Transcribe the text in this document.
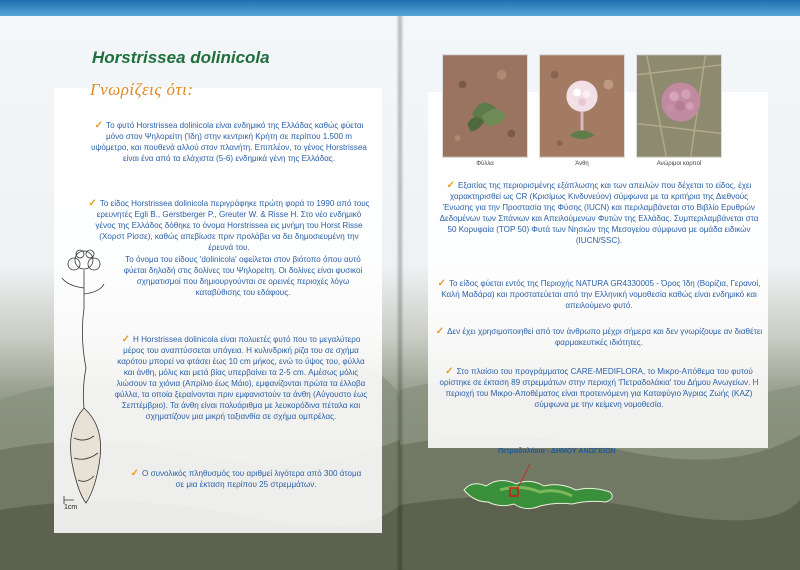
Horstrissea dolinicola
Γνωρίζεις ότι:
✓ Το φυτό Horstrissea dolinicola είναι ενδημικό της Ελλάδας καθώς φύεται μόνο στον Ψηλορείτη (Ίδη) στην κεντρική Κρήτη σε περίπου 1.500 m υψόμετρο, και πουθενά αλλού στον πλανήτη. Επιπλέον, το γένος Horstrissea είναι ένα από τα ελάχιστα (5-6) ενδημικά γένη της Ελλάδας.
✓ Το είδος Horstrissea dolinicola περιγράφηκε πρώτη φορά το 1990 από τους ερευνητές Egli B., Gerstberger P., Greuter W. & Risse H. Στο νέο ενδημικό γένος της Ελλάδος δόθηκε το όνομα Horstrissea εις μνήμη του Horst Risse (Χορστ Ρίσσε), καθώς απεβίωσε πριν προλάβει να δει δημοσιευμένη την έρευνά του.
Το όνομα του είδους 'dolinicola' οφείλεται στον βιότοπο όπου αυτό φύεται δηλαδή στις δολίνες του Ψηλορείτη. Οι δολίνες είναι φυσικοί σχηματισμοί που δημιουργούνται σε ορεινές περιοχές λόγω καταβύθισης του εδάφους.
✓ Η Horstrissea dolinicola είναι πολυετές φυτό που το μεγαλύτερο μέρος του αναπτύσσεται υπόγεια. Η κυλινδρική ρίζα του σε σχήμα καρότου μπορεί να φτάσει έως 10 cm μήκος, ενώ το ύψος του, φύλλα και άνθη, μόλις και μετά βίας υπερβαίνει τα 2-5 cm. Αμέσως μόλις λιώσουν τα χιόνια (Απρίλιο έως Μάιο), εμφανίζονται πρώτα τα έλλοβα φύλλα, τα οποία ξεραίνονται πριν εμφανιστούν τα άνθη (Αύγουστο έως Σεπτέμβριο). Τα άνθη είναι πολυάριθμα με λευκορόδινα πέταλα και σχηματίζουν μια μικρή ταξιανθία σε σχήμα ομπρέλας.
✓ Ο συνολικός πληθυσμός του αριθμεί λιγότερα από 300 άτομα σε μια έκταση περίπου 25 στρεμμάτων.
1cm
Φύλλα	Άνθη	Ανώριμοι καρποί
✓ Εξαιτίας της περιορισμένης εξάπλωσης και των απειλών που δέχεται το είδος, έχει χαρακτηρισθεί ως CR (Κρισίμως Κινδυνεύον) σύμφωνα με τα κριτήρια της Διεθνούς Ένωσης για την Προστασία της Φύσης (IUCN) και περιλαμβάνεται στο Βιβλίο Ερυθρών Δεδομένων των Σπάνιων και Απειλούμενων Φυτών της Ελλάδας. Συμπεριλαμβάνεται στα 50 Κορυφαία (TOP 50) Φυτά των Νησιών της Μεσογείου σύμφωνα με ομάδα ειδικών (IUCN/SSC).
✓ Το είδος φύεται εντός της Περιοχής NATURA GR4330005 - Όρος Ίδη (Βορίζια, Γερανοί, Καλή Μαδάρα) και προστατεύεται από την Ελληνική νομοθεσία καθώς είναι ενδημικό και απειλούμενο φυτό.
✓ Δεν έχει χρησιμοποιηθεί από τον άνθρωπο μέχρι σήμερα και δεν γνωρίζουμε αν διαθέτει φαρμακευτικές ιδιότητες.
✓ Στο πλαίσιο του προγράμματος CARE-MEDIFLORA, το Μικρο-Απόθεμα του φυτού ορίστηκε σε έκταση 89 στρεμμάτων στην περιοχή 'Πετραδολάκια' του Δήμου Ανωγείων. Η περιοχή του Μικρο-Αποθέματος είναι προτεινόμενη για Καταφύγιο Άγριας Ζωής (ΚΑΖ) σύμφωνα με την κείμενη νομοθεσία.
Πετραδολάκια - ΔΗΜΟΥ ΑΝΩΓΕΙΩΝ
